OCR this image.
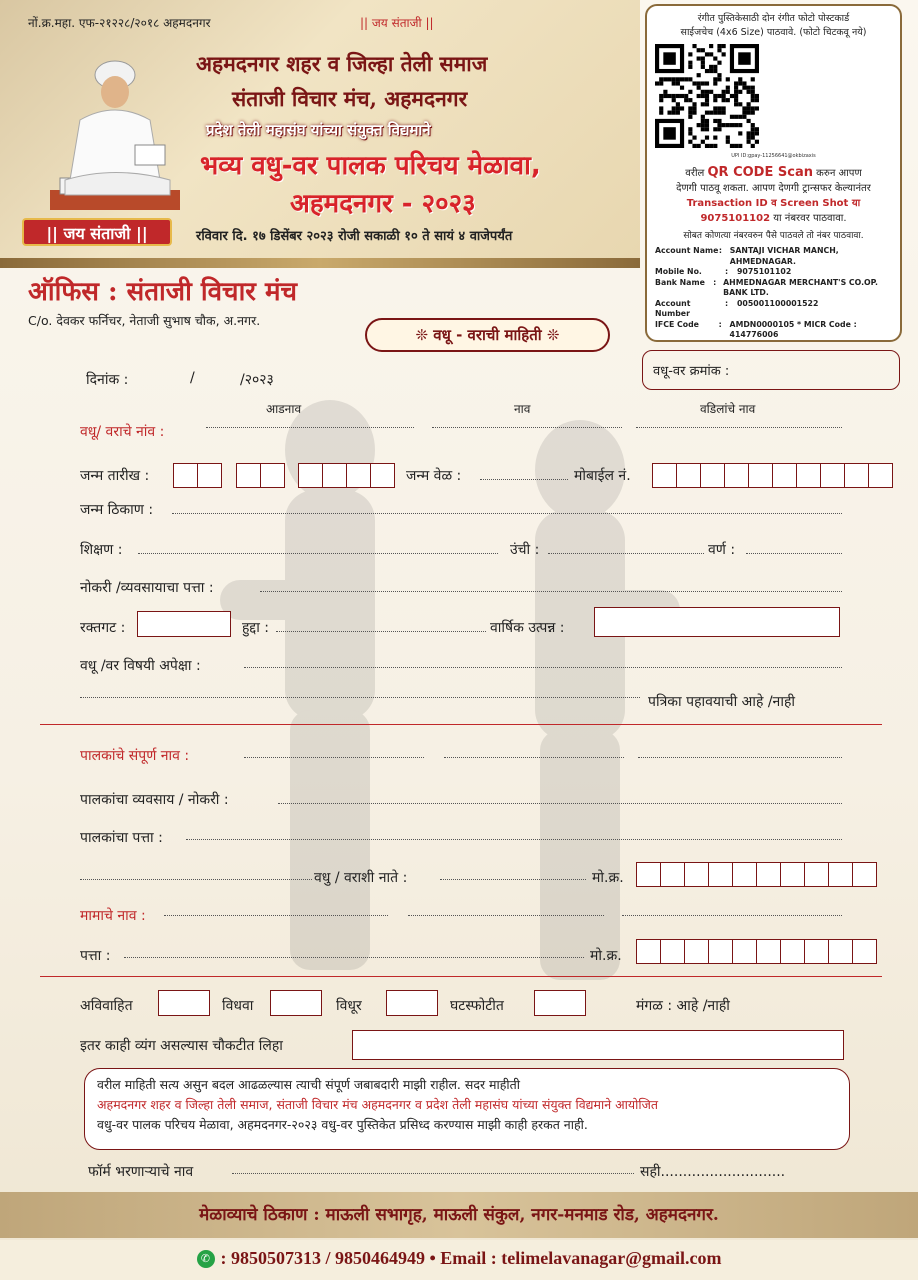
नों.क्र.महा. एफ-२१२२८/२०१८ अहमदनगर	|| जय संताजी ||
|| जय संताजी ||
अहमदनगर शहर व जिल्हा तेली समाज
संताजी विचार मंच, अहमदनगर
प्रदेश तेली महासंघ यांच्या संयुक्त विद्यमाने
भव्य वधु-वर पालक परिचय मेळावा,
अहमदनगर - २०२३
रविवार दि. १७ डिसेंबर २०२३ रोजी सकाळी १० ते सायं ४ वाजेपर्यंत
रंगीत पुस्तिकेसाठी दोन रंगीत फोटो पोस्टकार्ड
साईजचेच (4x6 Size) पाठवावे. (फोटो चिटकवू नये)
UPI ID:gpay-11256641@okbizaxis
वरील QR CODE Scan करुन आपण
देणगी पाठवू शकता. आपण देणगी ट्रान्सफर केल्यानंतर
Transaction ID व Screen Shot या
9075101102 या नंबरवर पाठवावा.
सोबत कोणत्या नंबरवरुन पैसे पाठवले तो नंबर पाठवावा.
Account Name :	SANTAJI VICHAR MANCH, AHMEDNAGAR.
Mobile No.	:	9075101102
Bank Name	: AHMEDNAGAR MERCHANT'S CO.OP. BANK LTD.
Account Number
:	005001100001522
IFCE Code	: AMDN0000105 * MICR Code : 414776006
ऑफिस : संताजी विचार मंच
C/o. देवकर फर्निचर, नेताजी सुभाष चौक, अ.नगर.
❊ वधू - वराची माहिती ❊
वधू-वर क्रमांक :
दिनांक :	/	/२०२३
आडनाव	नाव	वडिलांचे नाव
वधू/ वराचे नांव :
जन्म तारीख :	जन्म वेळ :	मोबाईल नं.
जन्म ठिकाण :
शिक्षण :	उंची :	वर्ण :
नोकरी /व्यवसायाचा पत्ता :
रक्तगट :	हुद्दा :	वार्षिक उत्पन्न :
वधू /वर विषयी अपेक्षा :
पत्रिका पहावयाची आहे /नाही
पालकांचे संपूर्ण नाव :
पालकांचा व्यवसाय / नोकरी :
पालकांचा पत्ता :
वधु / वराशी नाते :	मो.क्र.
मामाचे नाव :
पत्ता :	मो.क्र.
अविवाहित	विधवा	विधूर	घटस्फोटीत	मंगळ : आहे /नाही
इतर काही व्यंग असल्यास चौकटीत लिहा
वरील माहिती सत्य असुन बदल आढळल्यास त्याची संपूर्ण जबाबदारी माझी राहील. सदर माहीती
अहमदनगर शहर व जिल्हा तेली समाज, संताजी विचार मंच अहमदनगर व प्रदेश तेली महासंघ यांच्या संयुक्त विद्यमाने आयोजित
वधु-वर पालक परिचय मेळावा, अहमदनगर-२०२३ वधु-वर पुस्तिकेत प्रसिध्द करण्यास माझी काही हरकत नाही.
फॉर्म भरणाऱ्याचे नाव	सही............................
मेळाव्याचे ठिकाण : माऊली सभागृह, माऊली संकुल, नगर-मनमाड रोड, अहमदनगर.
✆ : 9850507313 / 9850464949 • Email : telimelavanagar@gmail.com
